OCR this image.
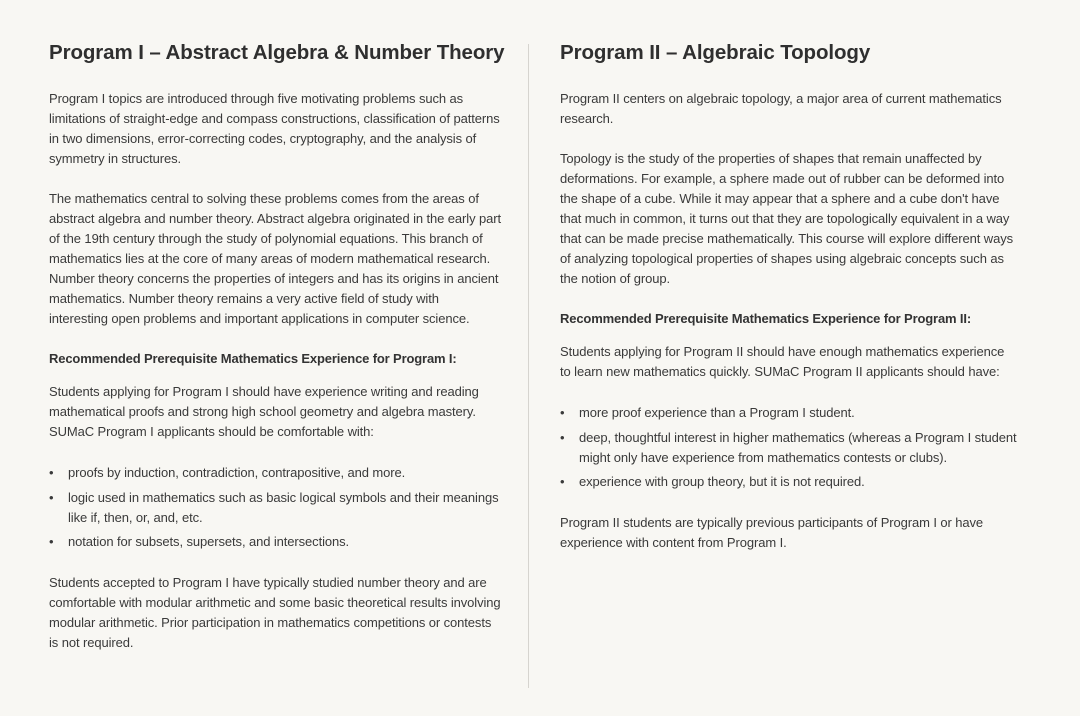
Program I – Abstract Algebra & Number Theory

Program I topics are introduced through five motivating problems such as limitations of straight-edge and compass constructions, classification of patterns in two dimensions, error-correcting codes, cryptography, and the analysis of symmetry in structures.

The mathematics central to solving these problems comes from the areas of abstract algebra and number theory. Abstract algebra originated in the early part of the 19th century through the study of polynomial equations. This branch of mathematics lies at the core of many areas of modern mathematical research. Number theory concerns the properties of integers and has its origins in ancient mathematics. Number theory remains a very active field of study with interesting open problems and important applications in computer science.

Recommended Prerequisite Mathematics Experience for Program I:

Students applying for Program I should have experience writing and reading mathematical proofs and strong high school geometry and algebra mastery. SUMaC Program I applicants should be comfortable with:

•	proofs by induction, contradiction, contrapositive, and more.
•	logic used in mathematics such as basic logical symbols and their meanings like if, then, or, and, etc.
•	notation for subsets, supersets, and intersections.

Students accepted to Program I have typically studied number theory and are comfortable with modular arithmetic and some basic theoretical results involving modular arithmetic. Prior participation in mathematics competitions or contests is not required.

Program II – Algebraic Topology

Program II centers on algebraic topology, a major area of current mathematics research.

Topology is the study of the properties of shapes that remain unaffected by deformations. For example, a sphere made out of rubber can be deformed into the shape of a cube. While it may appear that a sphere and a cube don't have that much in common, it turns out that they are topologically equivalent in a way that can be made precise mathematically. This course will explore different ways of analyzing topological properties of shapes using algebraic concepts such as the notion of group.

Recommended Prerequisite Mathematics Experience for Program II:

Students applying for Program II should have enough mathematics experience to learn new mathematics quickly. SUMaC Program II applicants should have:

•	more proof experience than a Program I student.
•	deep, thoughtful interest in higher mathematics (whereas a Program I student might only have experience from mathematics contests or clubs).
•	experience with group theory, but it is not required.

Program II students are typically previous participants of Program I or have experience with content from Program I.
